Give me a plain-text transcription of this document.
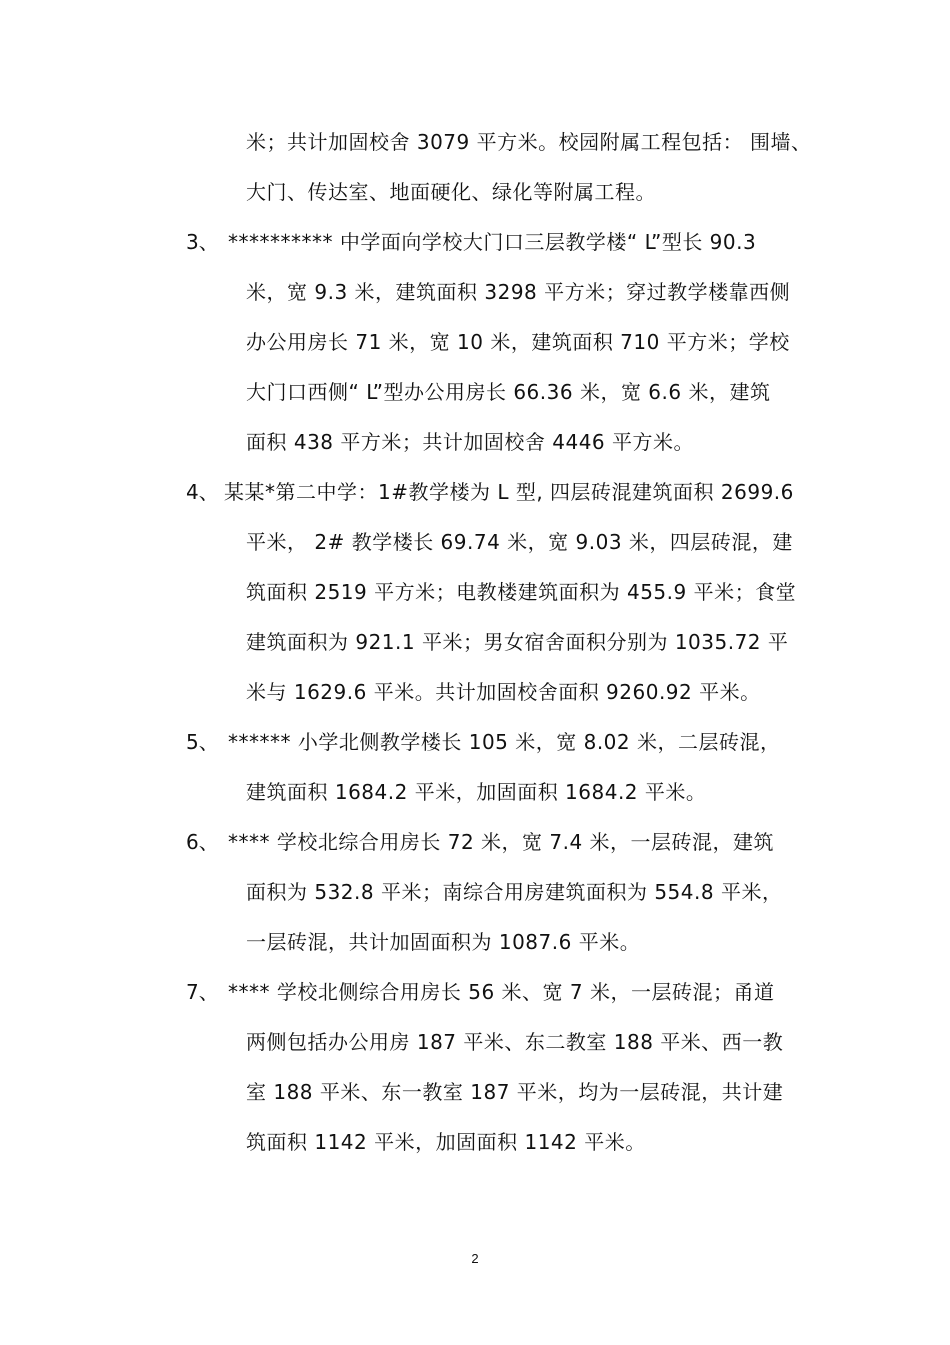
米；共计加固校舍 3079 平方米。校园附属工程包括： 围墙、
大门、传达室、地面硬化、绿化等附属工程。
3、 ********** 中学面向学校大门口三层教学楼“ L”型长 90.3
米，宽 9.3 米，建筑面积 3298 平方米；穿过教学楼靠西侧
办公用房长 71 米，宽 10 米，建筑面积 710 平方米；学校
大门口西侧“ L”型办公用房长 66.36 米，宽 6.6 米，建筑
面积 438 平方米；共计加固校舍 4446 平方米。
4、 某某*第二中学：1#教学楼为 L 型, 四层砖混建筑面积 2699.6
平米， 2# 教学楼长 69.74 米，宽 9.03 米，四层砖混，建
筑面积 2519 平方米；电教楼建筑面积为 455.9 平米；食堂
建筑面积为 921.1 平米；男女宿舍面积分别为 1035.72 平
米与 1629.6 平米。共计加固校舍面积 9260.92 平米。
5、 ****** 小学北侧教学楼长 105 米，宽 8.02 米，二层砖混，
建筑面积 1684.2 平米，加固面积 1684.2 平米。
6、 **** 学校北综合用房长 72 米，宽 7.4 米，一层砖混，建筑
面积为 532.8 平米；南综合用房建筑面积为 554.8 平米，
一层砖混，共计加固面积为 1087.6 平米。
7、 **** 学校北侧综合用房长 56 米、宽 7 米，一层砖混；甬道
两侧包括办公用房 187 平米、东二教室 188 平米、西一教
室 188 平米、东一教室 187 平米，均为一层砖混，共计建
筑面积 1142 平米，加固面积 1142 平米。
2
